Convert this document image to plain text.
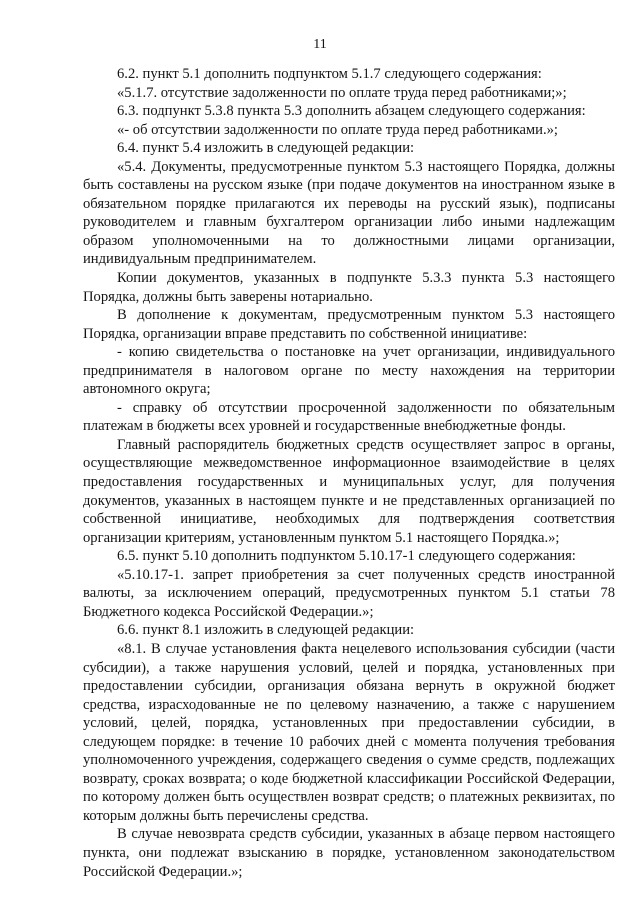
11

6.2. пункт 5.1 дополнить подпунктом 5.1.7 следующего содержания:

«5.1.7. отсутствие задолженности по оплате труда перед работниками;»;

6.3. подпункт 5.3.8 пункта 5.3 дополнить абзацем следующего содержания:

«- об отсутствии задолженности по оплате труда перед работниками.»;

6.4. пункт 5.4 изложить в следующей редакции:

«5.4. Документы, предусмотренные пунктом 5.3 настоящего Порядка, должны быть составлены на русском языке (при подаче документов на иностранном языке в обязательном порядке прилагаются их переводы на русский язык), подписаны руководителем и главным бухгалтером организации либо иными надлежащим образом уполномоченными на то должностными лицами организации, индивидуальным предпринимателем.

Копии документов, указанных в подпункте 5.3.3 пункта 5.3 настоящего Порядка, должны быть заверены нотариально.

В дополнение к документам, предусмотренным пунктом 5.3 настоящего Порядка, организации вправе представить по собственной инициативе:

- копию свидетельства о постановке на учет организации, индивидуального предпринимателя в налоговом органе по месту нахождения на территории автономного округа;

- справку об отсутствии просроченной задолженности по обязательным платежам в бюджеты всех уровней и государственные внебюджетные фонды.

Главный распорядитель бюджетных средств осуществляет запрос в органы, осуществляющие межведомственное информационное взаимодействие в целях предоставления государственных и муниципальных услуг, для получения документов, указанных в настоящем пункте и не представленных организацией по собственной инициативе, необходимых для подтверждения соответствия организации критериям, установленным пунктом 5.1 настоящего Порядка.»;

6.5. пункт 5.10 дополнить подпунктом 5.10.17-1 следующего содержания:

«5.10.17-1. запрет приобретения за счет полученных средств иностранной валюты, за исключением операций, предусмотренных пунктом 5.1 статьи 78 Бюджетного кодекса Российской Федерации.»;

6.6. пункт 8.1 изложить в следующей редакции:

«8.1. В случае установления факта нецелевого использования субсидии (части субсидии), а также нарушения условий, целей и порядка, установленных при предоставлении субсидии, организация обязана вернуть в окружной бюджет средства, израсходованные не по целевому назначению, а также с нарушением условий, целей, порядка, установленных при предоставлении субсидии, в следующем порядке: в течение 10 рабочих дней с момента получения требования уполномоченного учреждения, содержащего сведения о сумме средств, подлежащих возврату, сроках возврата; о коде бюджетной классификации Российской Федерации, по которому должен быть осуществлен возврат средств; о платежных реквизитах, по которым должны быть перечислены средства.

В случае невозврата средств субсидии, указанных в абзаце первом настоящего пункта, они подлежат взысканию в порядке, установленном законодательством Российской Федерации.»;
